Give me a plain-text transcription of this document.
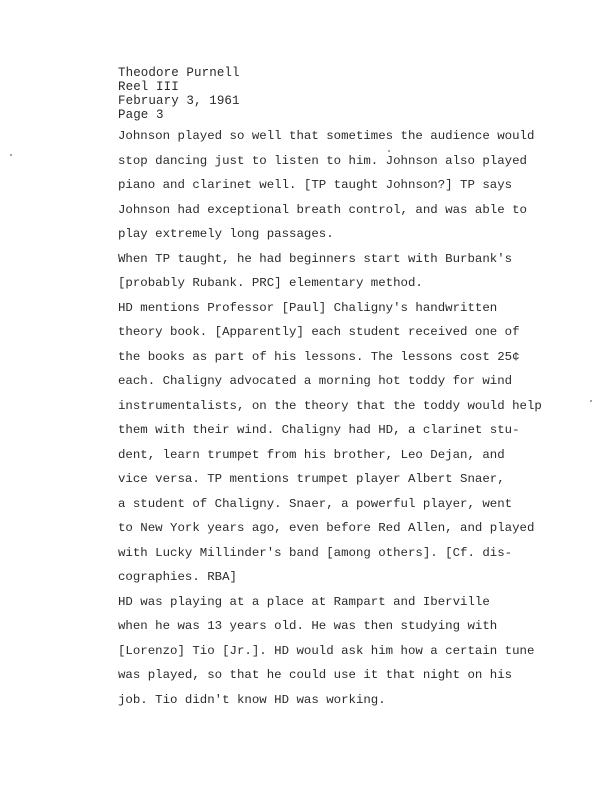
Theodore Purnell
Reel III
February 3, 1961
Page 3
Johnson played so well that sometimes the audience would
stop dancing just to listen to him. Johnson also played
piano and clarinet well. [TP taught Johnson?] TP says
Johnson had exceptional breath control, and was able to
play extremely long passages.
When TP taught, he had beginners start with Burbank's
[probably Rubank. PRC] elementary method.
HD mentions Professor [Paul] Chaligny's handwritten
theory book. [Apparently] each student received one of
the books as part of his lessons. The lessons cost 25¢
each. Chaligny advocated a morning hot toddy for wind
instrumentalists, on the theory that the toddy would help
them with their wind. Chaligny had HD, a clarinet stu-
dent, learn trumpet from his brother, Leo Dejan, and
vice versa. TP mentions trumpet player Albert Snaer,
a student of Chaligny. Snaer, a powerful player, went
to New York years ago, even before Red Allen, and played
with Lucky Millinder's band [among others]. [Cf. dis-
cographies. RBA]
HD was playing at a place at Rampart and Iberville
when he was 13 years old. He was then studying with
[Lorenzo] Tio [Jr.]. HD would ask him how a certain tune
was played, so that he could use it that night on his
job. Tio didn't know HD was working.
